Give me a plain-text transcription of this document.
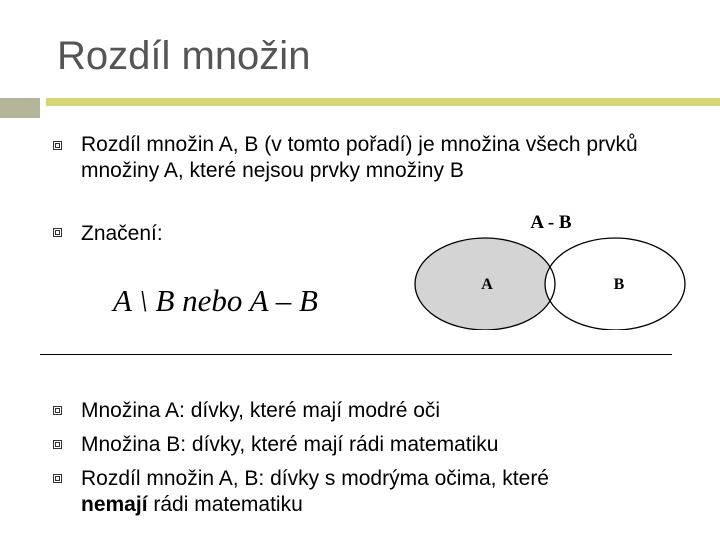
Rozdíl množin
Rozdíl množin A, B (v tomto pořadí) je množina všech prvků množiny A, které nejsou prvky množiny B
Značení:
A \ B nebo A – B
A - B
A	B
Množina A: dívky, které mají modré oči
Množina B: dívky, které mají rádi matematiku
Rozdíl množin A, B: dívky s modrýma očima, které
nemají rádi matematiku
